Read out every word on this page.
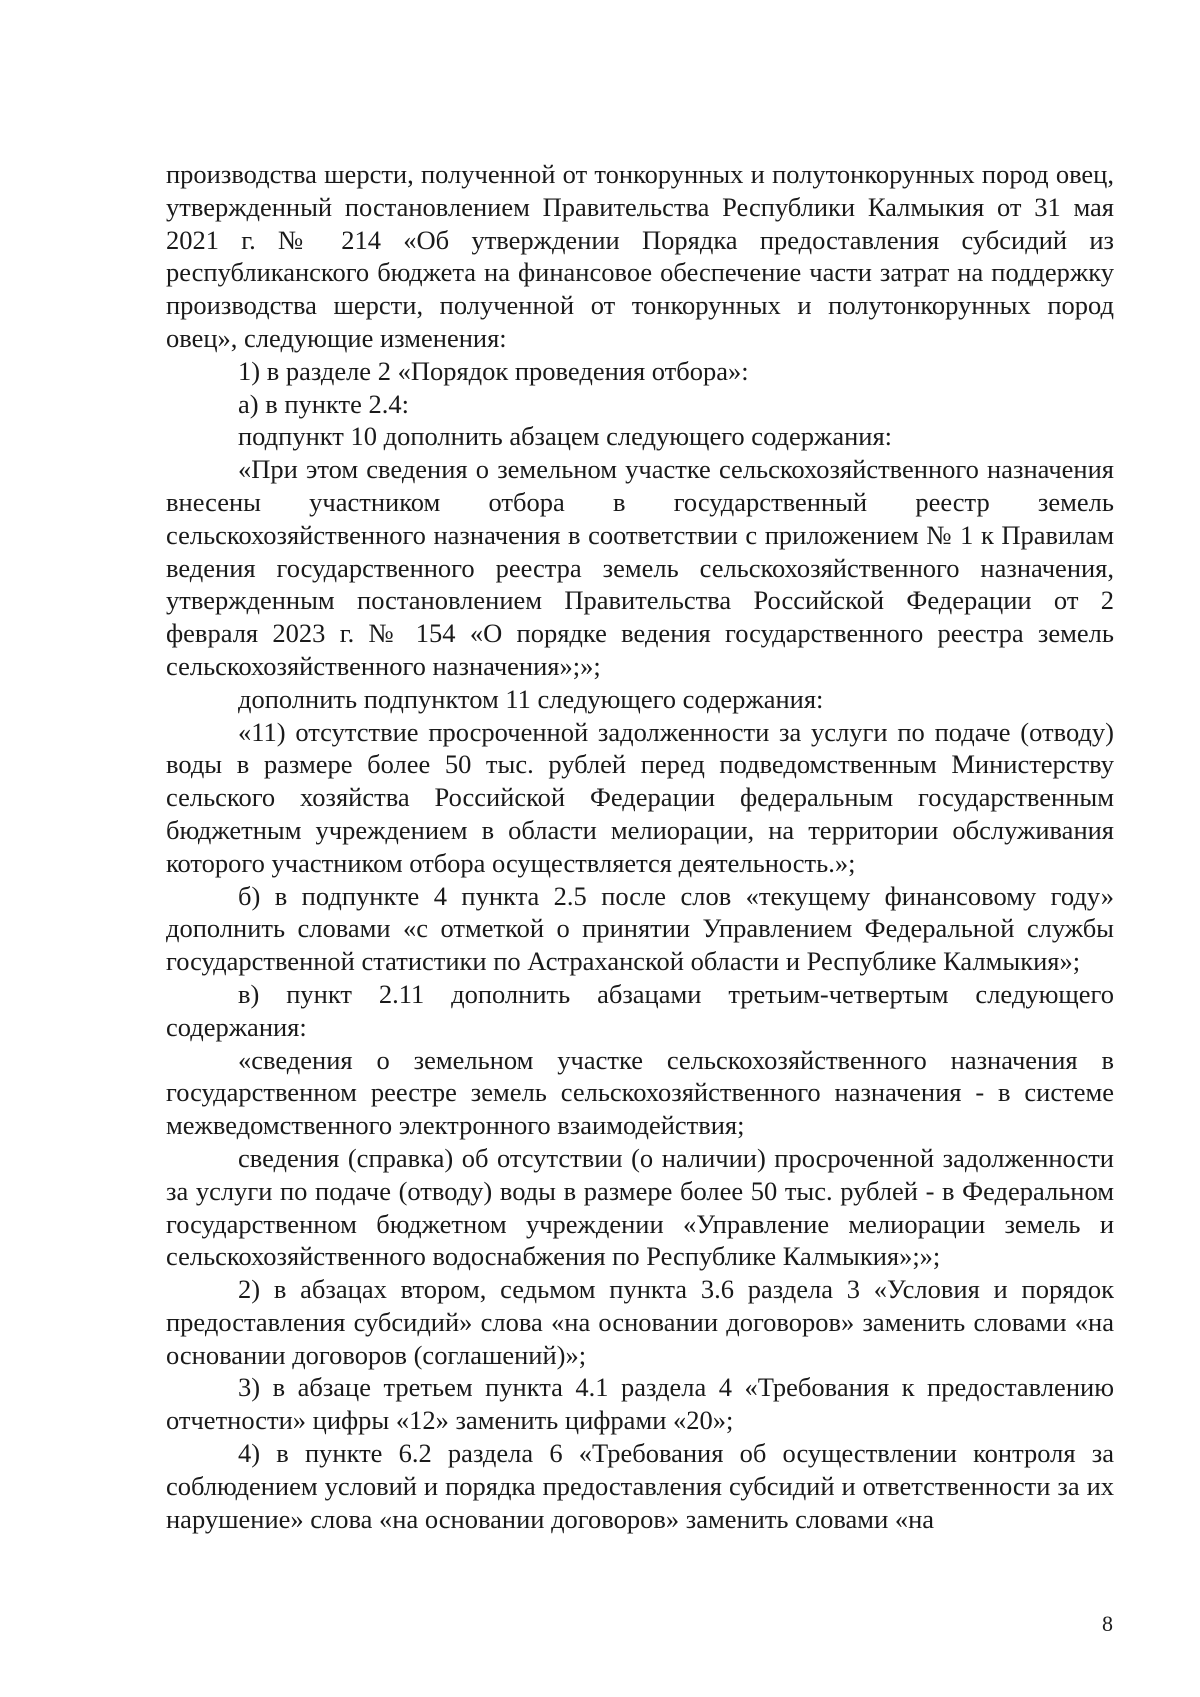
производства шерсти, полученной от тонкорунных и полутонкорунных пород овец, утвержденный постановлением Правительства Республики Калмыкия от 31 мая 2021 г. № 214 «Об утверждении Порядка предоставления субсидий из республиканского бюджета на финансовое обеспечение части затрат на поддержку производства шерсти, полученной от тонкорунных и полутонкорунных пород овец», следующие изменения:

1) в разделе 2 «Порядок проведения отбора»:

а) в пункте 2.4:

подпункт 10 дополнить абзацем следующего содержания:

«При этом сведения о земельном участке сельскохозяйственного назначения внесены участником отбора в государственный реестр земель сельскохозяйственного назначения в соответствии с приложением № 1 к Правилам ведения государственного реестра земель сельскохозяйственного назначения, утвержденным постановлением Правительства Российской Федерации от 2 февраля 2023 г. № 154 «О порядке ведения государственного реестра земель сельскохозяйственного назначения»;»;

дополнить подпунктом 11 следующего содержания:

«11) отсутствие просроченной задолженности за услуги по подаче (отводу) воды в размере более 50 тыс. рублей перед подведомственным Министерству сельского хозяйства Российской Федерации федеральным государственным бюджетным учреждением в области мелиорации, на территории обслуживания которого участником отбора осуществляется деятельность.»;

б) в подпункте 4 пункта 2.5 после слов «текущему финансовому году» дополнить словами «с отметкой о принятии Управлением Федеральной службы государственной статистики по Астраханской области и Республике Калмыкия»;

в) пункт 2.11 дополнить абзацами третьим-четвертым следующего содержания:

«сведения о земельном участке сельскохозяйственного назначения в государственном реестре земель сельскохозяйственного назначения - в системе межведомственного электронного взаимодействия;

сведения (справка) об отсутствии (о наличии) просроченной задолженности за услуги по подаче (отводу) воды в размере более 50 тыс. рублей - в Федеральном государственном бюджетном учреждении «Управление мелиорации земель и сельскохозяйственного водоснабжения по Республике Калмыкия»;»;

2) в абзацах втором, седьмом пункта 3.6 раздела 3 «Условия и порядок предоставления субсидий» слова «на основании договоров» заменить словами «на основании договоров (соглашений)»;

3) в абзаце третьем пункта 4.1 раздела 4 «Требования к предоставлению отчетности» цифры «12» заменить цифрами «20»;

4) в пункте 6.2 раздела 6 «Требования об осуществлении контроля за соблюдением условий и порядка предоставления субсидий и ответственности за их нарушение» слова «на основании договоров» заменить словами «на

8
